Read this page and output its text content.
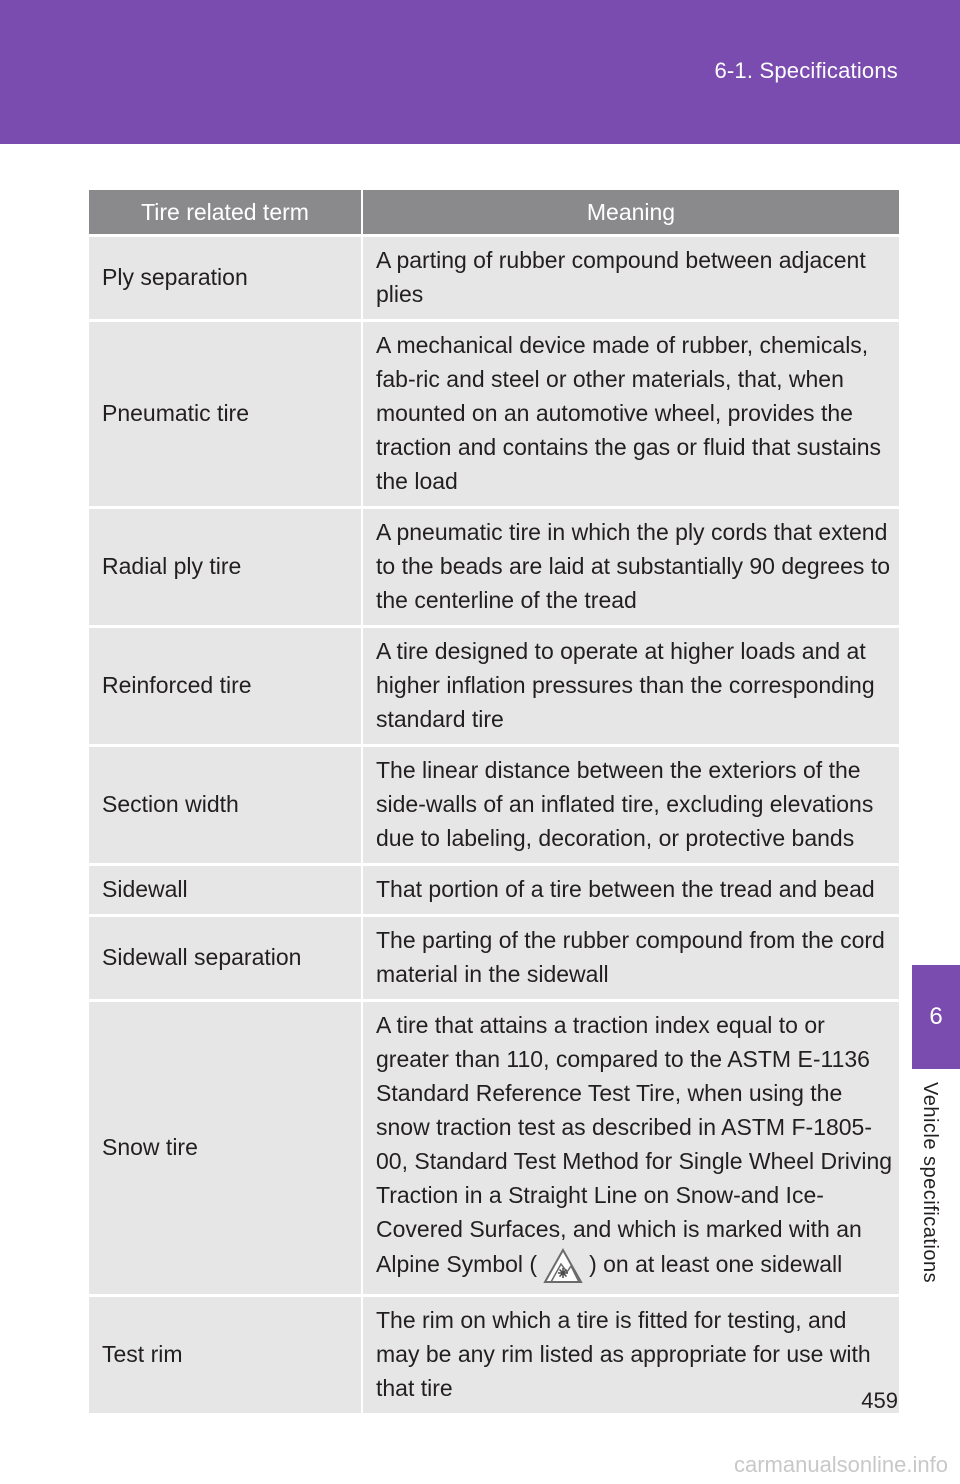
6-1. Specifications
Tire related term	Meaning
Ply separation	A parting of rubber compound between adjacent plies
Pneumatic tire	A mechanical device made of rubber, chemicals, fab-ric and steel or other materials, that, when mounted on an automotive wheel, provides the traction and contains the gas or fluid that sustains the load
Radial ply tire	A pneumatic tire in which the ply cords that extend to the beads are laid at substantially 90 degrees to the centerline of the tread
Reinforced tire	A tire designed to operate at higher loads and at higher inflation pressures than the corresponding standard tire
Section width	The linear distance between the exteriors of the side-walls of an inflated tire, excluding elevations due to labeling, decoration, or protective bands
Sidewall	That portion of a tire between the tread and bead
Sidewall separation	The parting of the rubber compound from the cord material in the sidewall
Snow tire	A tire that attains a traction index equal to or greater than 110, compared to the ASTM E-1136 Standard Reference Test Tire, when using the snow traction test as described in ASTM F-1805-00, Standard Test Method for Single Wheel Driving Traction in a Straight Line on Snow-and Ice-Covered Surfaces, and which is marked with an Alpine Symbol ( ) on at least one sidewall
Test rim	The rim on which a tire is fitted for testing, and may be any rim listed as appropriate for use with that tire
6
Vehicle specifications
459
carmanualsonline.info
